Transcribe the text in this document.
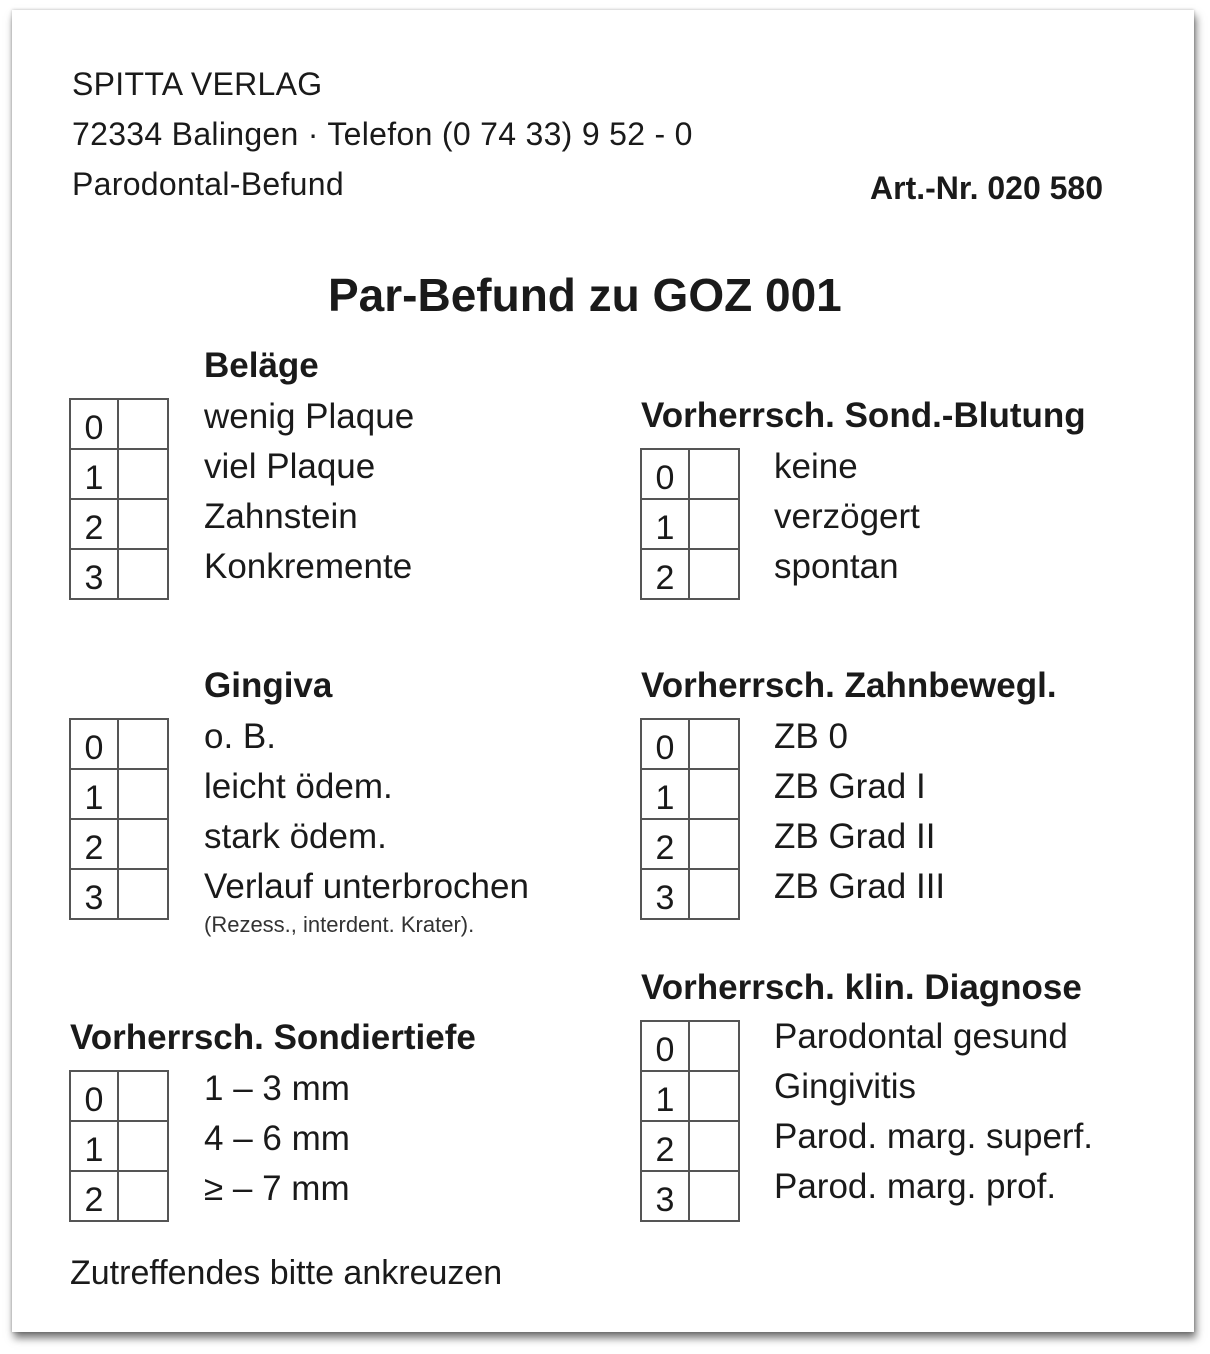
SPITTA VERLAG
72334 Balingen · Telefon (0 74 33) 9 52 - 0
Parodontal-Befund	Art.-Nr. 020 580
Par-Befund zu GOZ 001
Beläge
0
1
2
3
wenig Plaque
viel Plaque
Zahnstein
Konkremente
Vorherrsch. Sond.-Blutung
0
1
2
keine
verzögert
spontan
Gingiva
0
1
2
3
o. B.
leicht ödem.
stark ödem.
Verlauf unterbrochen
(Rezess., interdent. Krater).
Vorherrsch. Zahnbewegl.
0
1
2
3
ZB 0
ZB Grad I
ZB Grad II
ZB Grad III
Vorherrsch. klin. Diagnose
0
1
2
3
Parodontal gesund
Gingivitis
Parod. marg. superf.
Parod. marg. prof.
Vorherrsch. Sondiertiefe
0
1
2
1 – 3 mm
4 – 6 mm
≥ – 7 mm
Zutreffendes bitte ankreuzen
